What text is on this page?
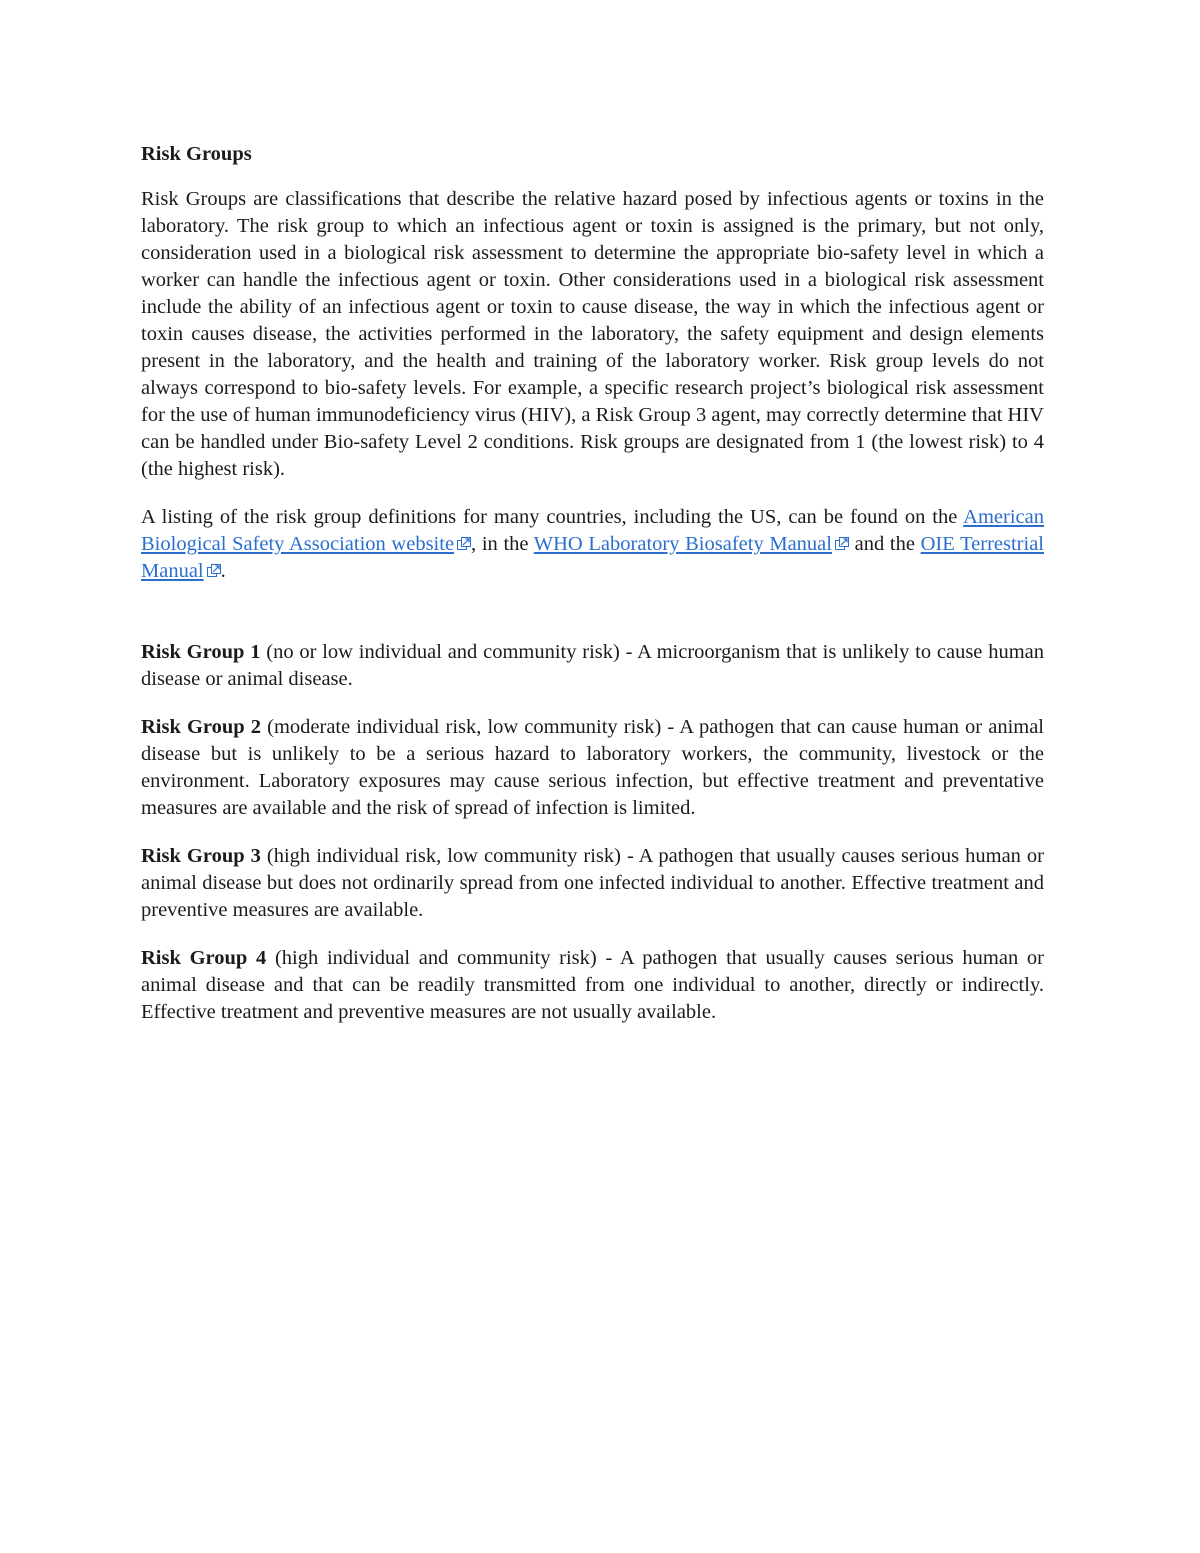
Risk Groups

Risk Groups are classifications that describe the relative hazard posed by infectious agents or toxins in the laboratory. The risk group to which an infectious agent or toxin is assigned is the primary, but not only, consideration used in a biological risk assessment to determine the appropriate bio-safety level in which a worker can handle the infectious agent or toxin. Other considerations used in a biological risk assessment include the ability of an infectious agent or toxin to cause disease, the way in which the infectious agent or toxin causes disease, the activities performed in the laboratory, the safety equipment and design elements present in the laboratory, and the health and training of the laboratory worker. Risk group levels do not always correspond to bio-safety levels. For example, a specific research project’s biological risk assessment for the use of human immunodeficiency virus (HIV), a Risk Group 3 agent, may correctly determine that HIV can be handled under Bio-safety Level 2 conditions. Risk groups are designated from 1 (the lowest risk) to 4 (the highest risk).

A listing of the risk group definitions for many countries, including the US, can be found on the American Biological Safety Association website , in the WHO Laboratory Biosafety Manual
and the OIE Terrestrial Manual .

Risk Group 1 (no or low individual and community risk) - A microorganism that is unlikely to cause human disease or animal disease.

Risk Group 2 (moderate individual risk, low community risk) - A pathogen that can cause human or animal disease but is unlikely to be a serious hazard to laboratory workers, the community, livestock or the environment. Laboratory exposures may cause serious infection, but effective treatment and preventative measures are available and the risk of spread of infection is limited.

Risk Group 3 (high individual risk, low community risk) - A pathogen that usually causes serious human or animal disease but does not ordinarily spread from one infected individual to another. Effective treatment and preventive measures are available.

Risk Group 4 (high individual and community risk) - A pathogen that usually causes serious human or animal disease and that can be readily transmitted from one individual to another, directly or indirectly. Effective treatment and preventive measures are not usually available.
